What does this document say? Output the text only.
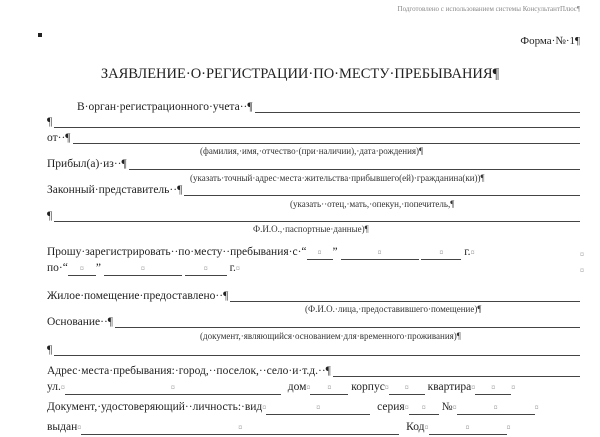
Подготовлено с использованием системы КонсультантПлюс¶
Форма·№·1¶
ЗАЯВЛЕНИЕ·О·РЕГИСТРАЦИИ·ПО·МЕСТУ·ПРЕБЫВАНИЯ¶
В·орган·регистрационного·учета··¶
¶
от··¶
(фамилия,·имя,·отчество·(при·наличии),·дата·рождения)¶
Прибыл(а)·из··¶
(указать·точный·адрес·места·жительства·прибывшего(ей)·гражданина(ки))¶
Законный·представитель··¶
(указать··отец,·мать,·опекун,·попечитель,¶
¶
Ф.И.О.,·паспортные·данные)¶
Прошу·зарегистрировать··по·месту··пребывания·с·“ ¤ ”	¤	¤ г.¤	¤
по·“ ¤ ”	¤	¤ г.¤	¤
Жилое·помещение·предоставлено··¶
(Ф.И.О.·лица,·предоставившего·помещение)¶
Основание··¶
(документ,·являющийся·основанием·для·временного·проживания)¶
¶
Адрес·места·пребывания:·город,··поселок,··село·и·т.д.··¶
ул.¤	¤	дом¤ ¤ корпус¤ ¤ квартира¤ ¤ ¤
Документ,·удостоверяющий··личность:·вид¤	¤	серия¤ ¤ №¤	¤	¤
выдан¤	¤	Код¤	¤	¤
